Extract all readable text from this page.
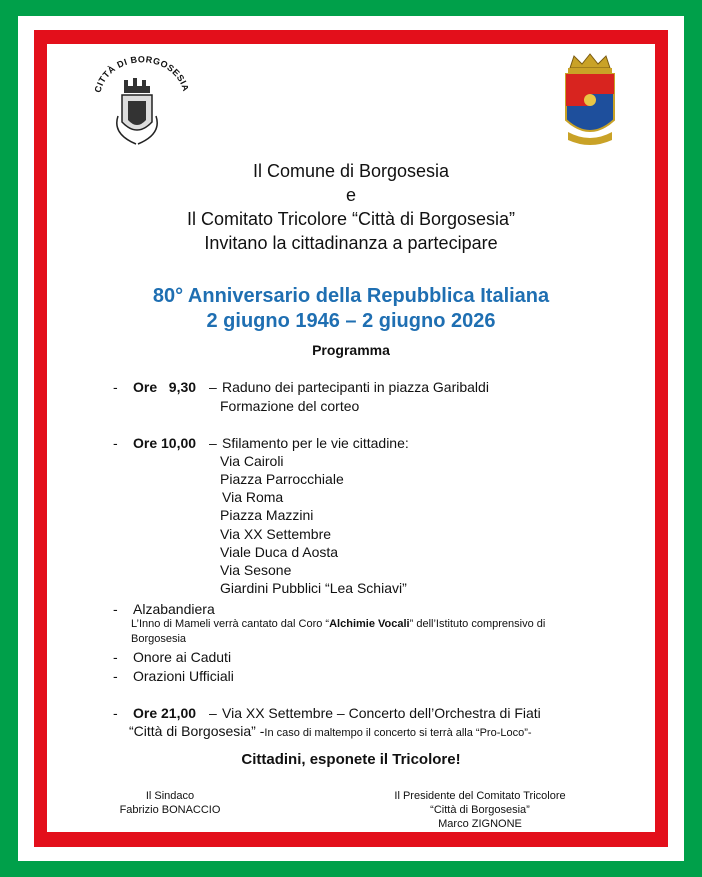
CITTÀ DI BORGOSESI
Il Comune di Borgosesia
e
Il Comitato Tricolore “Città di Borgosesia”
Invitano la cittadinanza a partecipare
80° Anniversario della Repubblica Italiana
2 giugno 1946 – 2 giugno 2026
Programma
- Ore   9,30 – Raduno dei partecipanti in piazza Garibaldi
Formazione del corteo
- Ore 10,00 – Sfilamento per le vie cittadine:
Via Cairoli
Piazza Parrocchiale
Via Roma
Piazza Mazzini
Via XX Settembre
Viale Duca d Aosta
Via Sesone
Giardini Pubblici “Lea Schiavi”
- Alzabandiera
L’Inno di Mameli verrà cantato dal Coro “Alchimie Vocali” dell’Istituto comprensivo di
Borgosesia
- Onore ai Caduti
- Orazioni Ufficiali
- Ore 21,00 – Via XX Settembre – Concerto dell’Orchestra di Fiati
“Città di Borgosesia” -In caso di maltempo il concerto si terrà alla “Pro-Loco”-
Cittadini, esponete il Tricolore!
Il Sindaco
Fabrizio BONACCIO
Il Presidente del Comitato Tricolore
“Città di Borgosesia”
Marco ZIGNONE
